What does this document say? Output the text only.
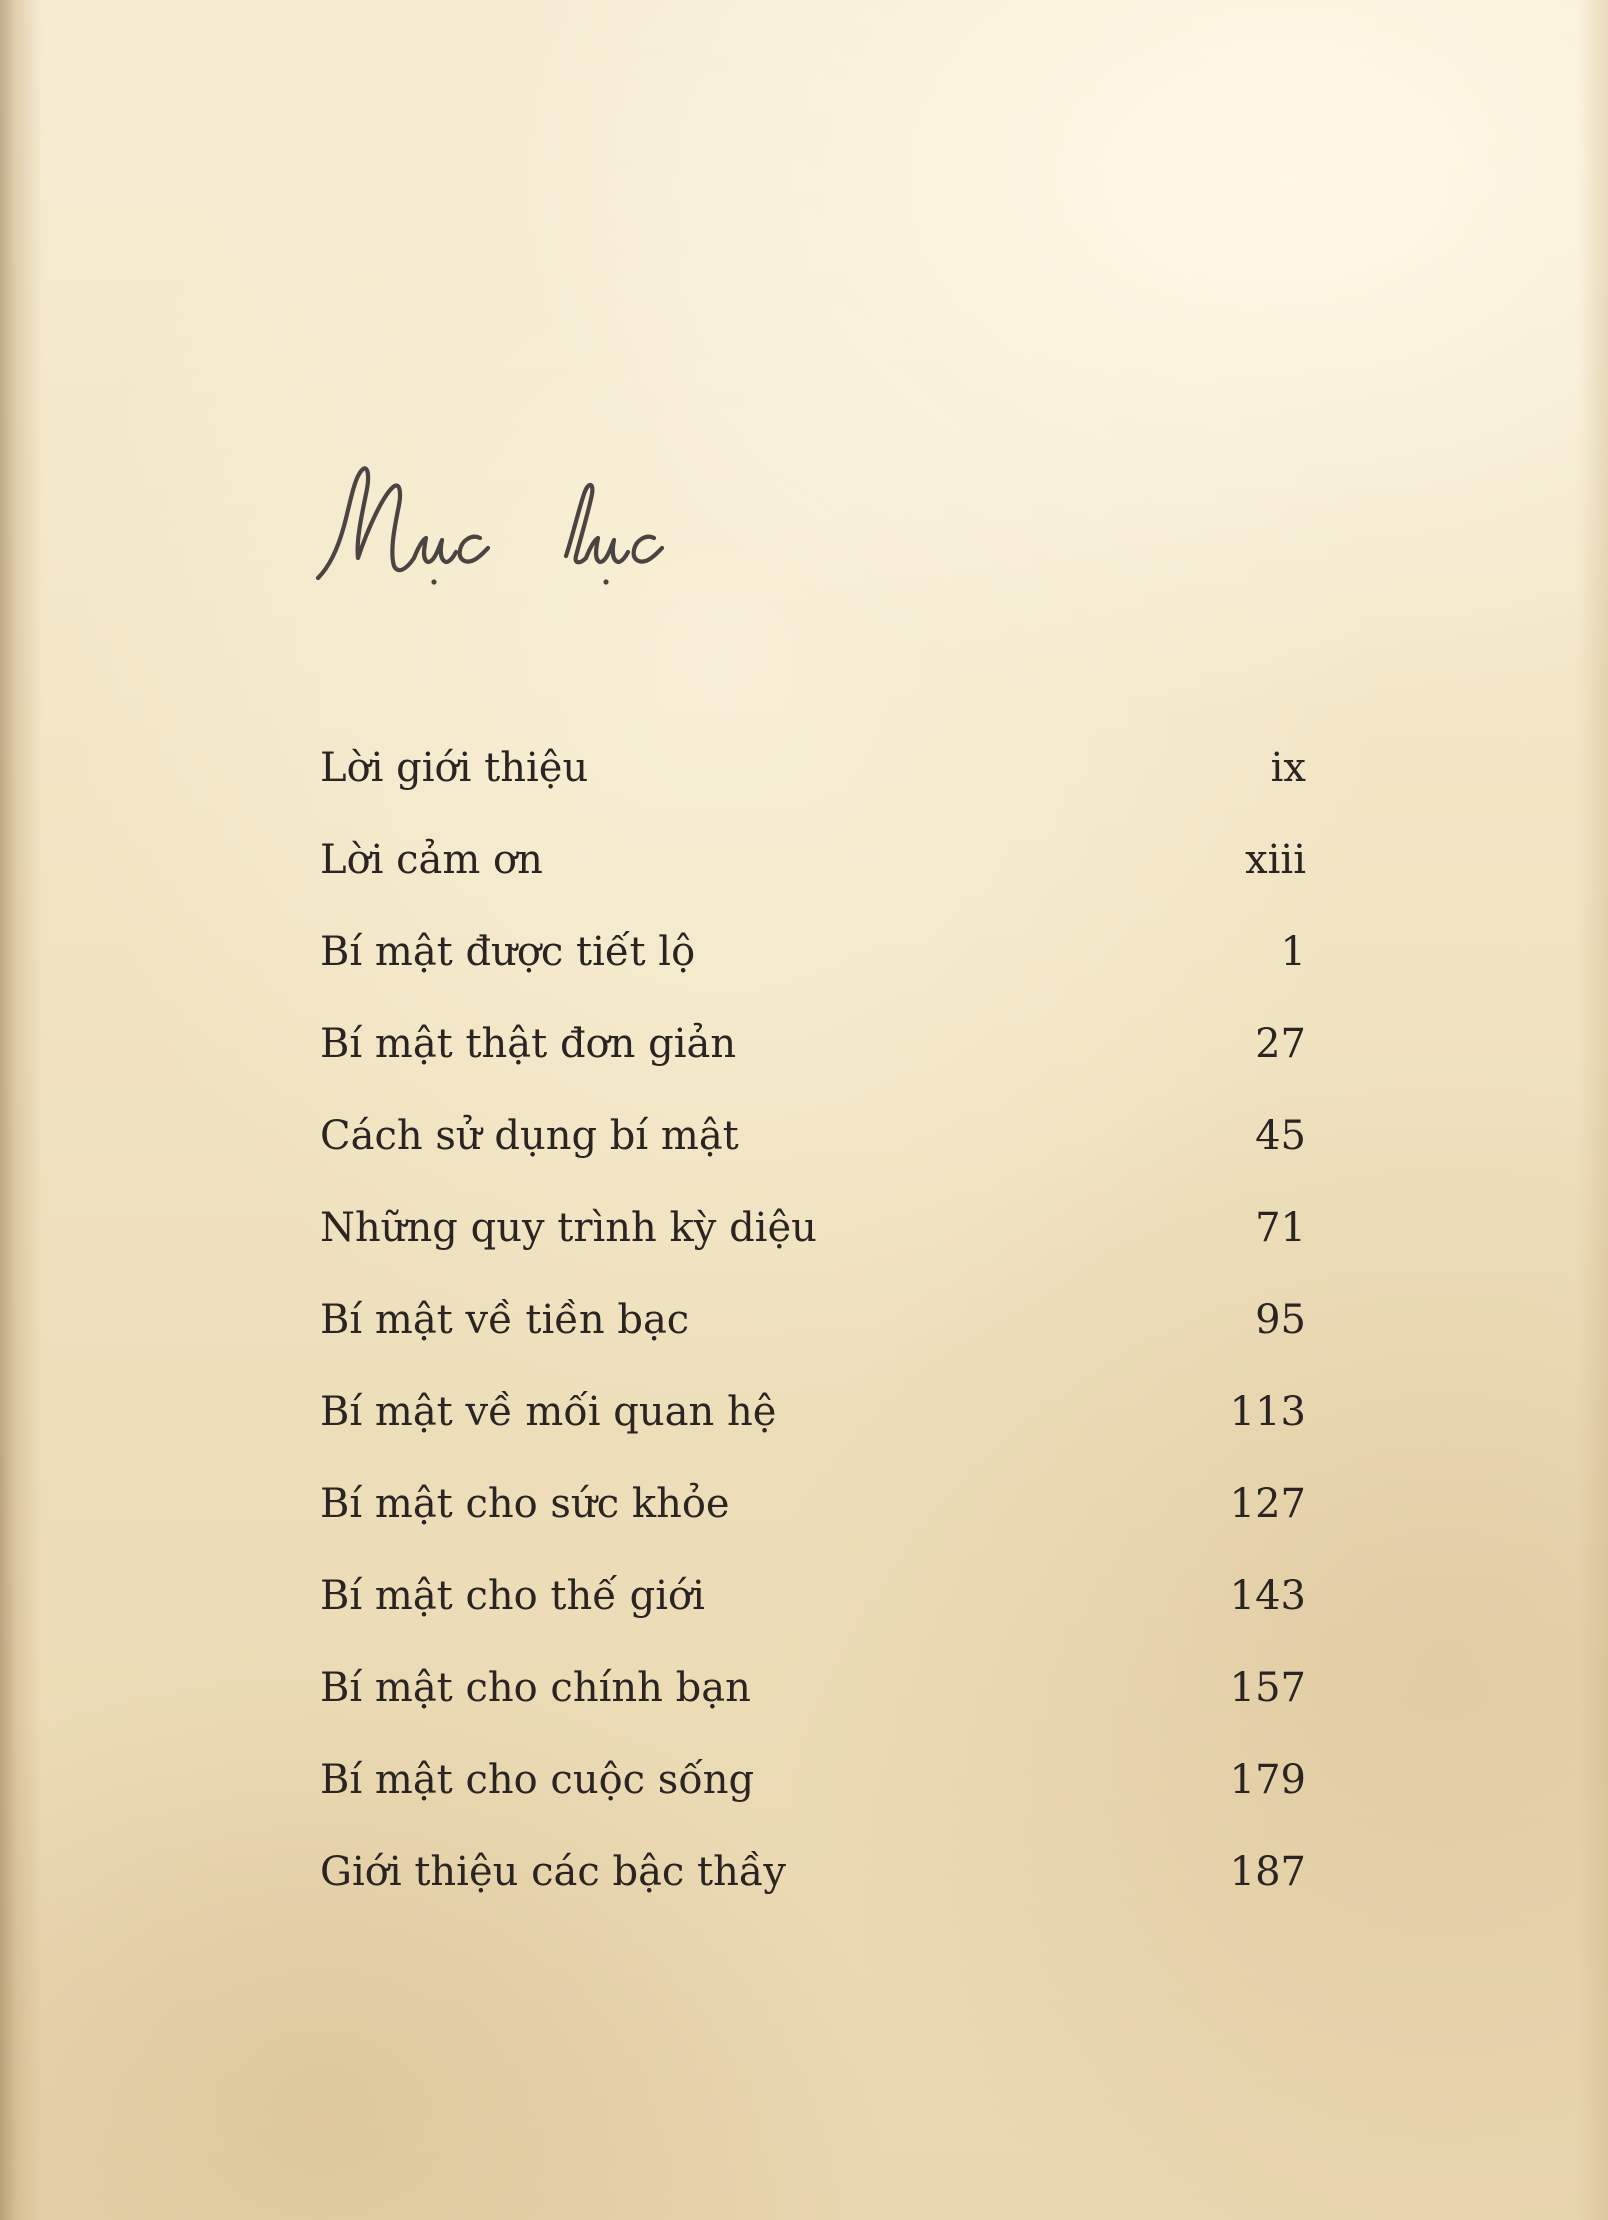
Lời giới thiệu	ix
Lời cảm ơn	xiii
Bí mật được tiết lộ	1
Bí mật thật đơn giản	27
Cách sử dụng bí mật	45
Những quy trình kỳ diệu	71
Bí mật về tiền bạc	95
Bí mật về mối quan hệ	113
Bí mật cho sức khỏe	127
Bí mật cho thế giới	143
Bí mật cho chính bạn	157
Bí mật cho cuộc sống	179
Giới thiệu các bậc thầy	187
